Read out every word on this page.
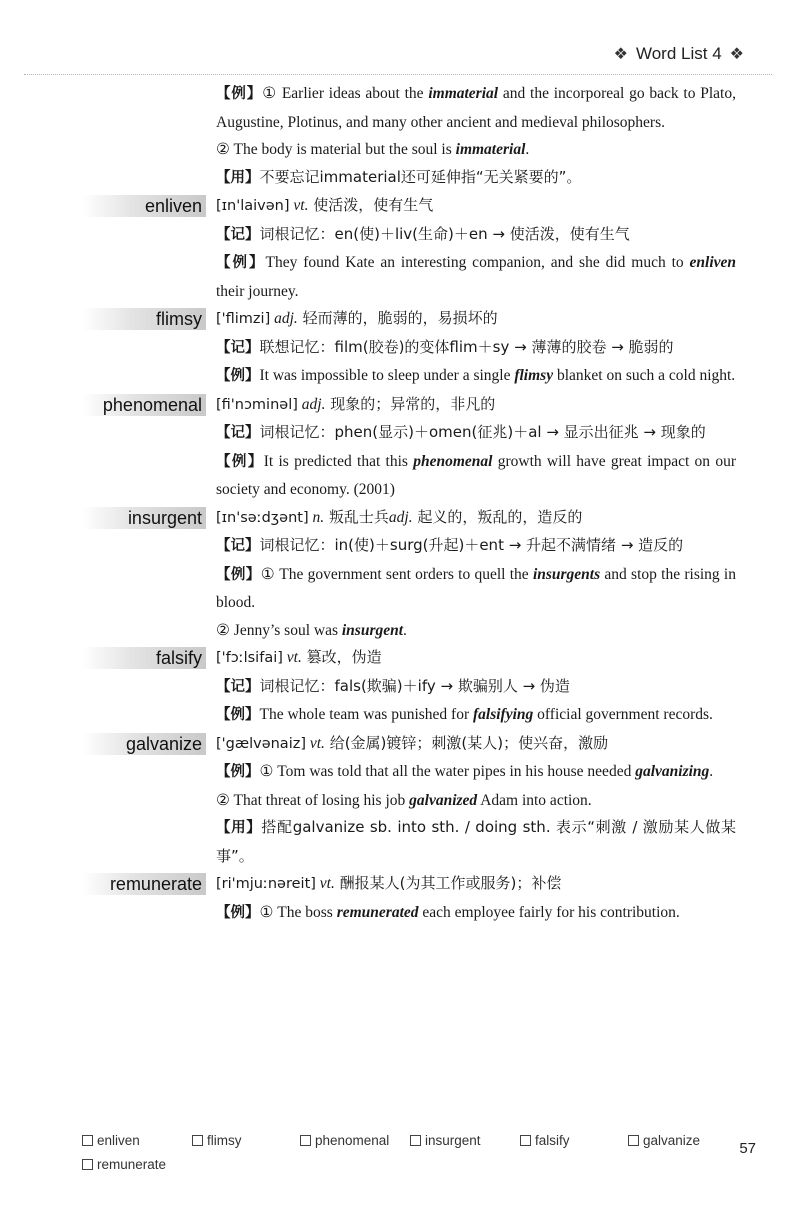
❖ Word List 4 ❖

【例】① Earlier ideas about the immaterial and the incorporeal go back to Plato, Augustine, Plotinus, and many other ancient and medieval philosophers.

② The body is material but the soul is immaterial.

【用】不要忘记immaterial还可延伸指“无关紧要的”。

enliven [ɪn'laivən] vt. 使活泼，使有生气

【记】词根记忆：en(使)＋liv(生命)＋en → 使活泼，使有生气

【例】They found Kate an interesting companion, and she did much to enliven their journey.

flimsy ['flimzi] adj. 轻而薄的，脆弱的，易损坏的

【记】联想记忆：film(胶卷)的变体flim＋sy → 薄薄的胶卷 → 脆弱的

【例】It was impossible to sleep under a single flimsy blanket on such a cold night.

phenomenal [fi'nɔminəl] adj. 现象的；异常的，非凡的

【记】词根记忆：phen(显示)＋omen(征兆)＋al → 显示出征兆 → 现象的

【例】It is predicted that this phenomenal growth will have great impact on our society and economy. (2001)

insurgent [ɪn'səːdʒənt] n. 叛乱士兵adj. 起义的，叛乱的，造反的

【记】词根记忆：in(使)＋surg(升起)＋ent → 升起不满情绪 → 造反的

【例】① The government sent orders to quell the insurgents and stop the rising in blood.

② Jenny’s soul was insurgent.

falsify ['fɔːlsifai] vt. 篡改，伪造

【记】词根记忆：fals(欺骗)＋ify → 欺骗别人 → 伪造

【例】The whole team was punished for falsifying official government records.

galvanize ['gælvənaiz] vt. 给(金属)镀锌；刺激(某人)；使兴奋，激励

【例】① Tom was told that all the water pipes in his house needed galvanizing.

② That threat of losing his job galvanized Adam into action.

【用】搭配galvanize sb. into sth. / doing sth. 表示“刺激 / 激励某人做某事”。

remunerate [ri'mjuːnəreit] vt. 酬报某人(为其工作或服务)；补偿

【例】① The boss remunerated each employee fairly for his contribution.

enliven	flimsy	phenomenal	insurgent	falsify	galvanize
remunerate
57
